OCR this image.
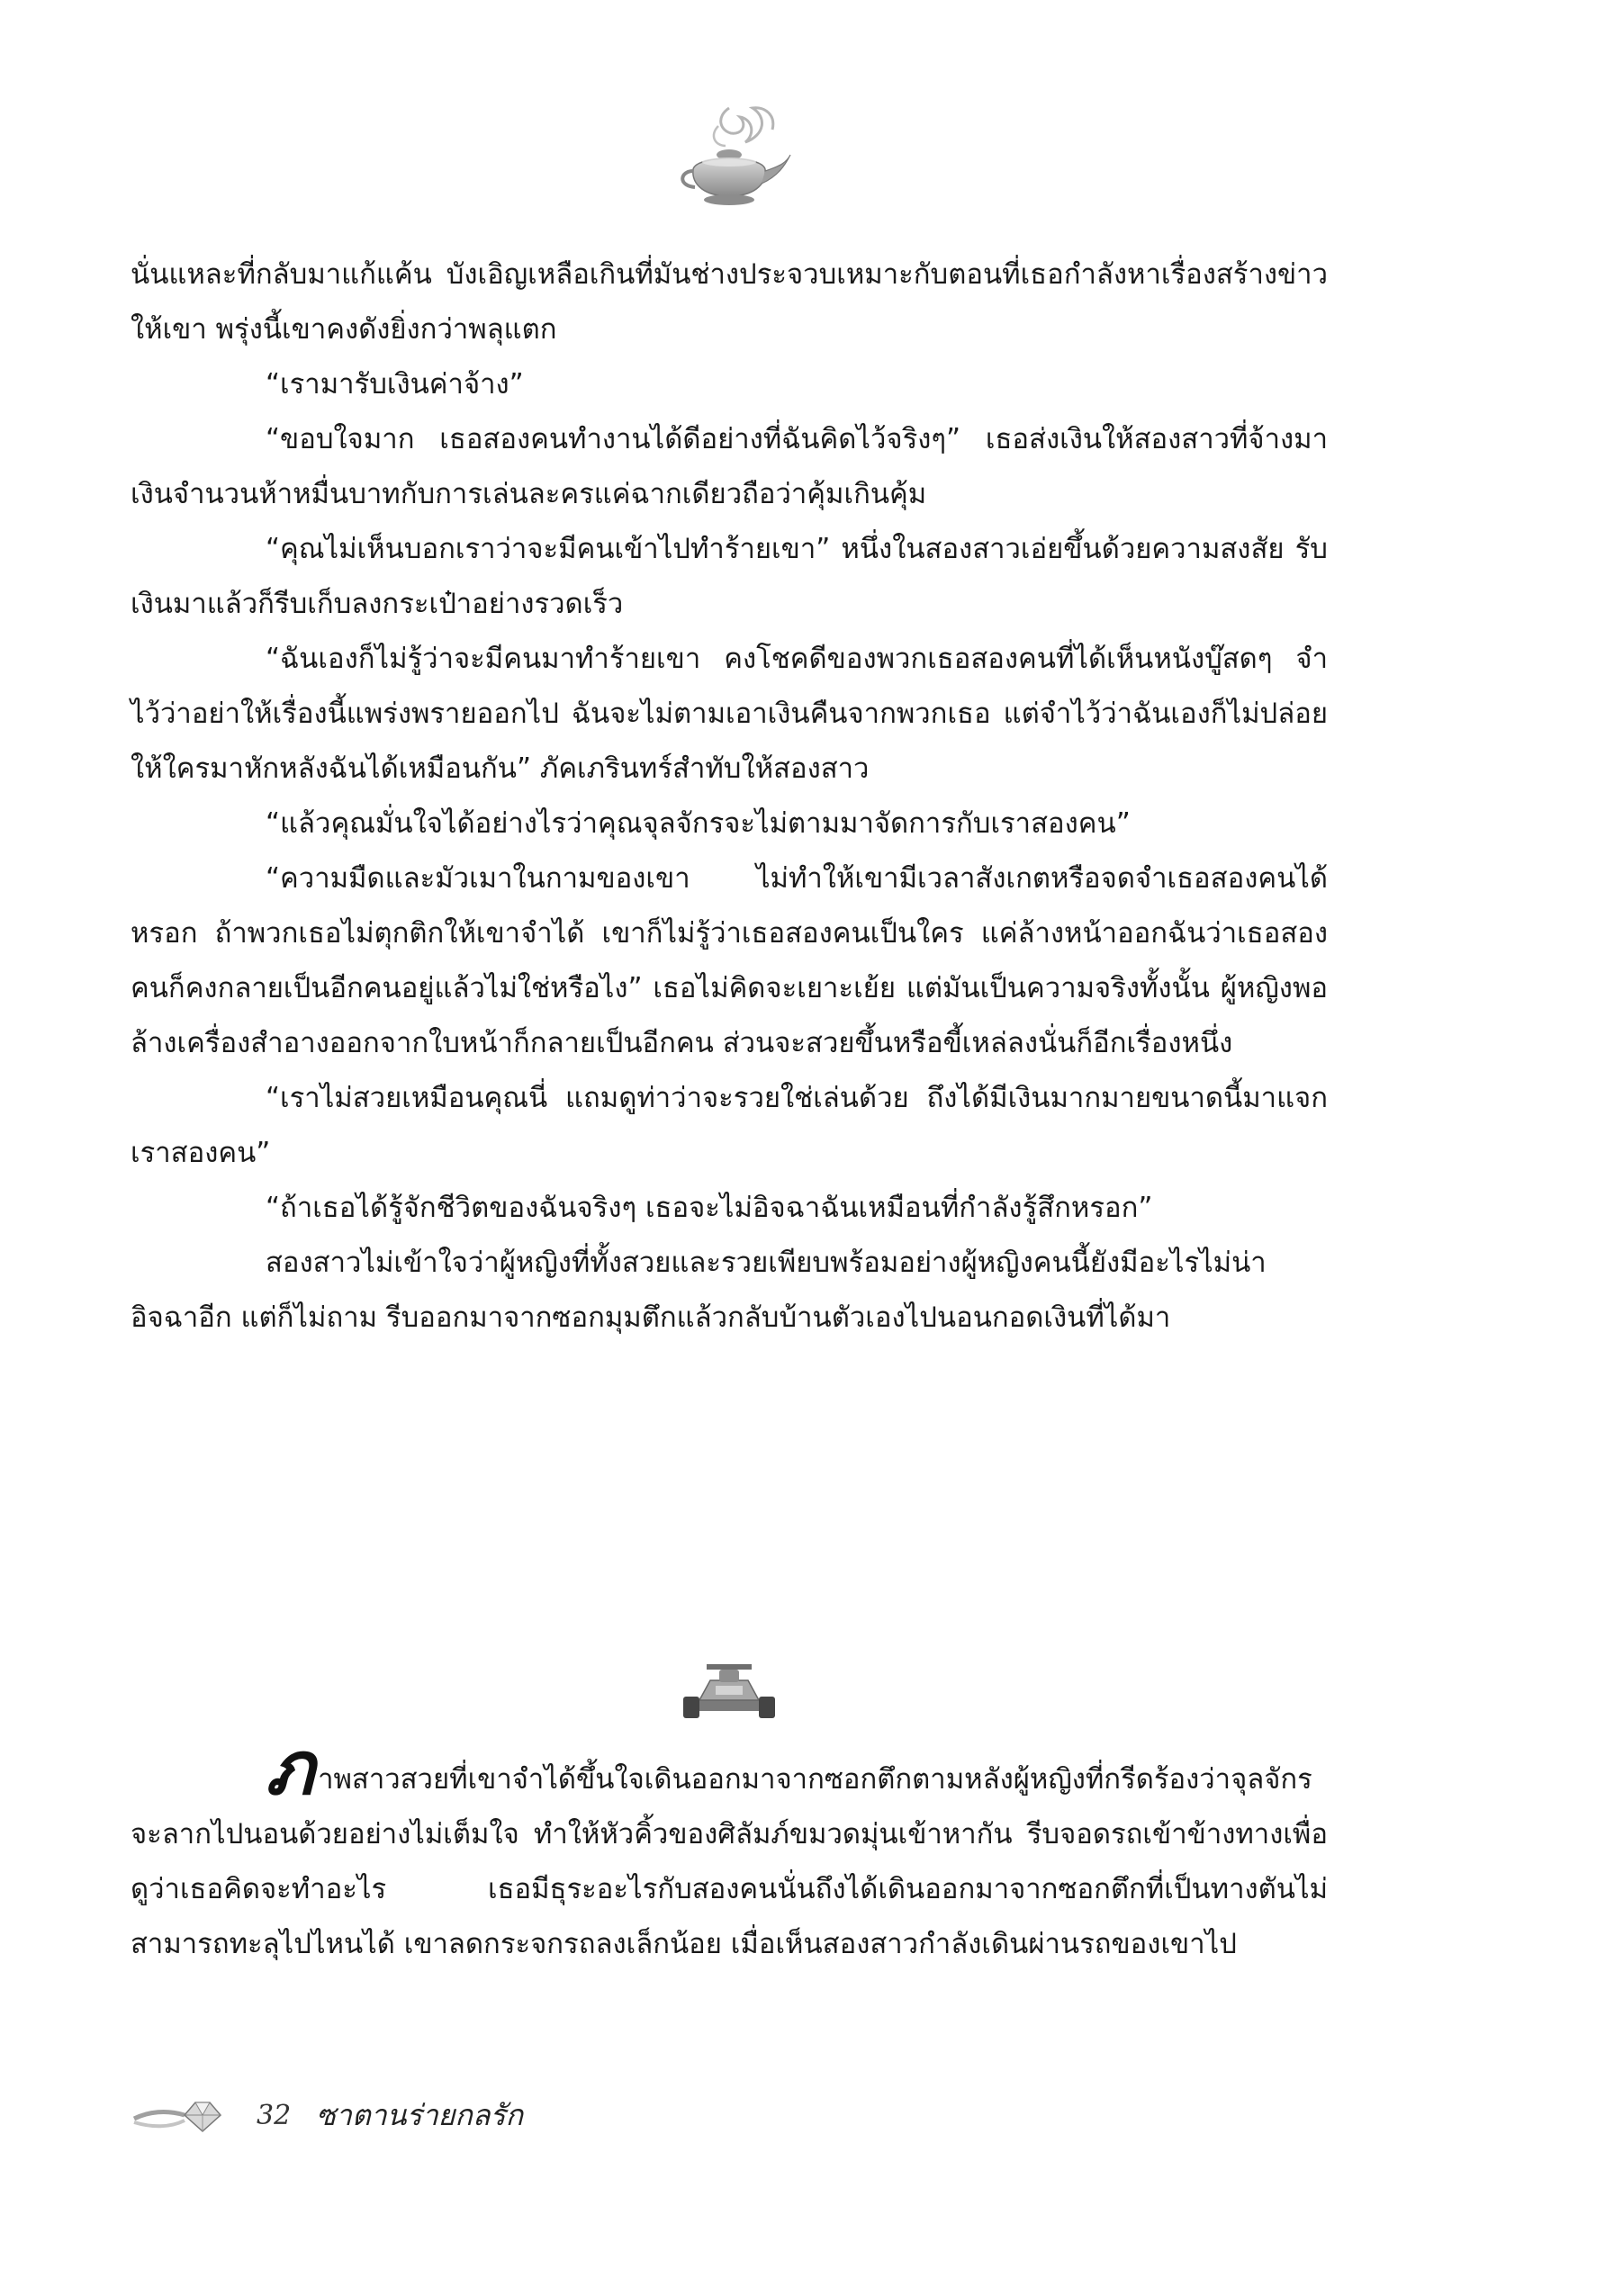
นั่นแหละที่กลับมาแก้แค้น บังเอิญเหลือเกินที่มันช่างประจวบเหมาะกับตอนที่เธอกำลังหาเรื่องสร้างข่าวให้เขา พรุ่งนี้เขาคงดังยิ่งกว่าพลุแตก

“เรามารับเงินค่าจ้าง”

“ขอบใจมาก เธอสองคนทำงานได้ดีอย่างที่ฉันคิดไว้จริงๆ” เธอส่งเงินให้สองสาวที่จ้างมา เงินจำนวนห้าหมื่นบาทกับการเล่นละครแค่ฉากเดียวถือว่าคุ้มเกินคุ้ม

“คุณไม่เห็นบอกเราว่าจะมีคนเข้าไปทำร้ายเขา” หนึ่งในสองสาวเอ่ยขึ้นด้วยความสงสัย รับเงินมาแล้วก็รีบเก็บลงกระเป๋าอย่างรวดเร็ว

“ฉันเองก็ไม่รู้ว่าจะมีคนมาทำร้ายเขา คงโชคดีของพวกเธอสองคนที่ได้เห็นหนังบู๊สดๆ จำไว้ว่าอย่าให้เรื่องนี้แพร่งพรายออกไป ฉันจะไม่ตามเอาเงินคืนจากพวกเธอ แต่จำไว้ว่าฉันเองก็ไม่ปล่อยให้ใครมาหักหลังฉันได้เหมือนกัน” ภัคเภรินทร์สำทับให้สองสาว

“แล้วคุณมั่นใจได้อย่างไรว่าคุณจุลจักรจะไม่ตามมาจัดการกับเราสองคน”

“ความมืดและมัวเมาในกามของเขา ไม่ทำให้เขามีเวลาสังเกตหรือจดจำเธอสองคนได้หรอก ถ้าพวกเธอไม่ตุกติกให้เขาจำได้ เขาก็ไม่รู้ว่าเธอสองคนเป็นใคร แค่ล้างหน้าออกฉันว่าเธอสองคนก็คงกลายเป็นอีกคนอยู่แล้วไม่ใช่หรือไง” เธอไม่คิดจะเยาะเย้ย แต่มันเป็นความจริงทั้งนั้น ผู้หญิงพอล้างเครื่องสำอางออกจากใบหน้าก็กลายเป็นอีกคน ส่วนจะสวยขึ้นหรือขี้เหล่ลงนั่นก็อีกเรื่องหนึ่ง

“เราไม่สวยเหมือนคุณนี่ แถมดูท่าว่าจะรวยใช่เล่นด้วย ถึงได้มีเงินมากมายขนาดนี้มาแจกเราสองคน”

“ถ้าเธอได้รู้จักชีวิตของฉันจริงๆ เธอจะไม่อิจฉาฉันเหมือนที่กำลังรู้สึกหรอก”

สองสาวไม่เข้าใจว่าผู้หญิงที่ทั้งสวยและรวยเพียบพร้อมอย่างผู้หญิงคนนี้ยังมีอะไรไม่น่าอิจฉาอีก แต่ก็ไม่ถาม รีบออกมาจากซอกมุมตึกแล้วกลับบ้านตัวเองไปนอนกอดเงินที่ได้มา

ภาพสาวสวยที่เขาจำได้ขึ้นใจเดินออกมาจากซอกตึกตามหลังผู้หญิงที่กรีดร้องว่าจุลจักรจะลากไปนอนด้วยอย่างไม่เต็มใจ ทำให้หัวคิ้วของศิลัมภ์ขมวดมุ่นเข้าหากัน รีบจอดรถเข้าข้างทางเพื่อดูว่าเธอคิดจะทำอะไร เธอมีธุระอะไรกับสองคนนั่นถึงได้เดินออกมาจากซอกตึกที่เป็นทางตันไม่สามารถทะลุไปไหนได้ เขาลดกระจกรถลงเล็กน้อย เมื่อเห็นสองสาวกำลังเดินผ่านรถของเขาไป

32 ซาตานร่ายกลรัก
